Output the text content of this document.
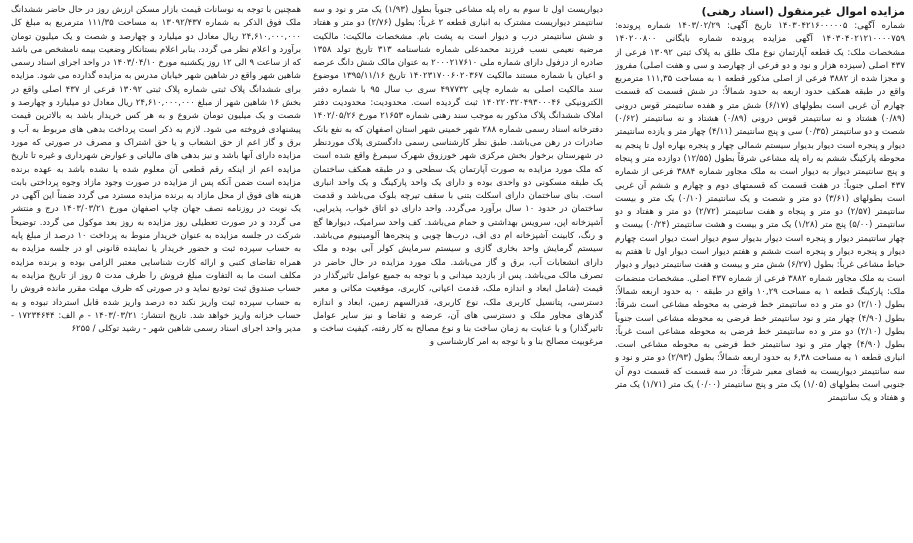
مزایده اموال غیرمنقول (اسناد رهنی)

شماره آگهی: ۱۴۰۳۰۴۲۱۶۰۰۰۰۰۵ تاریخ آگهی: ۱۴۰۳/۰۲/۲۹ شماره پرونده: ۱۴۰۳۰۴۰۲۱۲۱۰۰۰۰۷۵۹ آگهی مزایده پرونده شماره بایگانی ۱۴۰۲۰۰۸۰۰ مشخصات ملک: یک قطعه آپارتمان نوع ملک طلق به پلاک ثبتی ۱۳۰۹۲ فرعی از ۴۳۷ اصلی (سیزده هزار و نود و دو فرعی از چهارصد و سی و هفت اصلی) مفروز و مجزا شده از ۳۸۸۲ فرعی از اصلی مذکور قطعه ۱ به مساحت ۱۱۱,۳۵ مترمربع واقع در طبقه همکف حدود اربعه به حدود شمالاً: در شش قسمت که قسمت چهارم آن غربی است بطولهای (۶/۱۷) شش متر و هفده سانتیمتر قوس درونی (۰/۸۹) هشتاد و نه سانتیمتر قوس درونی (۰/۸۹) هشتاد و نه سانتیمتر (۰/۶۲) شصت و دو سانتیمتر (۰/۳۵) سی و پنج سانتیمتر (۴/۱۱) چهار متر و یازده سانتیمتر دیوار و پنجره است دیوار بدیوار سیستم شمالی چهار و پنجره بهاره اول تا پنجم به محوطه پارکینگ ششم به راه پله مشاعی شرقاً بطول (۱۲/۵۵) دوازده متر و پنجاه و پنج سانتیمتر دیوار به دیوار است به ملک مجاور شماره ۳۸۸۴ فرعی از شماره ۴۳۷ اصلی جنوباً: در هفت قسمت که قسمتهای دوم و چهارم و ششم آن غربی است بطولهای (۳/۶۱) دو متر و شصت و یک سانتیمتر (۰/۱۰) یک متر و بیست سانتیمتر (۲/۵۷) دو متر و پنجاه و هفت سانتیمتر (۲/۷۲) دو متر و هفتاد و دو سانتیمتر (۵/۰۰) پنج متر (۱/۲۸) یک متر و بیست و هشت سانتیمتر (۰/۲۴) بیست و چهار سانتیمتر دیوار و پنجره است دیوار بدیوار سوم دیوار است دیوار است چهارم دیوار و پنجره دیوار و پنجره است ششم و هفتم دیوار است دیوار اول تا هفتم به حیاط مشاعی غرباً: بطول (۶/۲۷) شش متر و بیست و هفت سانتیمتر دیوار و دیوار است به ملک مجاور شماره ۳۸۸۲ فرعی از شماره ۴۳۷ اصلی. مشخصات منضمات ملک: پارکینگ قطعه ۱ به مساحت ۱۰,۲۹ واقع در طبقه ۰ به حدود اربعه شمالاً: بطول (۲/۱۰) دو متر و ده سانتیمتر خط فرضی به محوطه مشاعی است شرقاً: بطول (۴/۹۰) چهار متر و نود سانتیمتر خط فرضی به محوطه مشاعی است جنوباً بطول (۲/۱۰) دو متر و ده سانتیمتر خط فرضی به محوطه مشاعی است غرباً: بطول (۴/۹۰) چهار متر و نود سانتیمتر خط فرضی به محوطه مشاعی است. انباری قطعه ۱ به مساحت ۶,۳۸ به حدود اربعه شمالاً: بطول (۲/۹۳) دو متر و نود و سه سانتیمتر دیواریست به فضای معبر شرقاً: در سه قسمت که قسمت دوم آن جنوبی است بطولهای (۱/۰۵) یک متر و پنج سانتیمتر (۰/۰۰) یک متر (۱/۷۱) یک متر و هفتاد و یک سانتیمتر

دیواریست اول تا سوم به راه پله مشاعی جنوباً بطول (۱/۹۳) یک متر و نود و سه سانتیمتر دیواریست مشترک به انباری قطعه ۲ غرباً: بطول (۲/۷۶) دو متر و هفتاد و شش سانتیمتر درب و دیوار است به پشت بام. مشخصات مالکیت: مالکیت مرضیه نعیمی نسب فرزند محمدعلی شماره شناسنامه ۳۱۳ تاریخ تولد ۱۳۵۸ صادره از دزفول دارای شماره ملی ۲۰۰۰۲۱۷۶۱۰ به عنوان مالک شش دانگ عرصه و اعیان با شماره مستند مالکیت ۱۴۰۲۳۱۷۰۰۶۰۲۰۳۶۷ تاریخ ۱۳۹۵/۱۱/۱۶ موضوع سند مالکیت اصلی به شماره چاپی ۴۹۷۷۳۲ سری ب سال ۹۵ با شماره دفتر الکترونیکی ۱۴۰۲۲۰۳۲۰۴۹۳۰۰۰۴۶ ثبت گردیده است. محدودیت: محدودیت دفتر املاک ششدانگ پلاک مذکور به موجب سند رهنی شماره ۲۱۶۵۳ مورخ ۱۴۰۲/۰۵/۲۶ دفترخانه اسناد رسمی شماره ۲۸۸ شهر خمینی شهر استان اصفهان که به نفع بانک صادرات در رهن می‌باشد. طبق نظر کارشناسی رسمی دادگستری پلاک موردنظر در شهرستان برخوار بخش مرکزی شهر خورزوق شهرک سیمرغ واقع شده است که ملک مورد مزایده به صورت آپارتمان یک سطحی و در طبقه همکف ساختمان یک طبقه مسکونی دو واحدی بوده و دارای یک واحد پارکینگ و یک واحد انباری است. بنای ساختمان دارای اسکلت بتنی با سقف تیرچه بلوک می‌باشد و قدمت ساختمان در حدود ۱۰ سال برآورد می‌گردد. واحد دارای دو اتاق خواب، پذیرایی، آشپزخانه اپن، سرویس بهداشتی و حمام می‌باشد. کف واحد سرامیک، دیوارها گچ و رنگ، کابینت آشپزخانه ام دی اف، درب‌ها چوبی و پنجره‌ها آلومینیوم می‌باشد. سیستم گرمایش واحد بخاری گازی و سیستم سرمایش کولر آبی بوده و ملک دارای انشعابات آب، برق و گاز می‌باشد. ملک مورد مزایده در حال حاضر در تصرف مالک می‌باشد. پس از بازدید میدانی و با توجه به جمیع عوامل تاثیرگذار در قیمت (شامل ابعاد و اندازه ملک، قدمت اعیانی، کاربری، موقعیت مکانی و معبر دسترسی، پتانسیل کاربری ملک، نوع کاربری، قدرالسهم زمین، ابعاد و اندازه گذرهای مجاور ملک و دسترسی های آن، عرضه و تقاضا و نیز سایر عوامل تاثیرگذار) و با عنایت به زمان ساخت بنا و نوع مصالح به کار رفته، کیفیت ساخت و مرغوبیت مصالح بنا و با توجه به امر کارشناسی و

همچنین با توجه به نوسانات قیمت بازار مسکن ارزش روز در حال حاضر ششدانگ ملک فوق الذکر به شماره ۱۳۰۹۲/۴۳۷ به مساحت ۱۱۱/۳۵ مترمربع به مبلغ کل ۲۴,۶۱۰,۰۰۰,۰۰۰ ریال معادل دو میلیارد و چهارصد و شصت و یک میلیون تومان برآورد و اعلام نظر می گردد. بنابر اعلام بستانکار وضعیت بیمه نامشخص می باشد که از ساعت ۹ الی ۱۲ روز یکشنبه مورخ ۱۴۰۳/۰۴/۱۰ در واحد اجرای اسناد رسمی شاهین شهر واقع در شاهین شهر خیابان مدرس به مزایده گذارده می شود. مزایده برای ششدانگ پلاک ثبتی شماره پلاک ثبتی ۱۳۰۹۲ فرعی از ۴۳۷ اصلی واقع در بخش ۱۶ شاهین شهر از مبلغ ۲۴,۶۱۰,۰۰۰,۰۰۰ ریال معادل دو میلیارد و چهارصد و شصت و یک میلیون تومان شروع و به هر کس خریدار باشد به بالاترین قیمت پیشنهادی فروخته می شود. لازم به ذکر است پرداخت بدهی های مربوط به آب و برق و گاز اعم از حق انشعاب و یا حق اشتراک و مصرف در صورتی که مورد مزایده دارای آنها باشد و نیز بدهی های مالیاتی و عوارض شهرداری و غیره تا تاریخ مزایده اعم از اینکه رقم قطعی آن معلوم شده یا نشده باشد به عهده برنده مزایده است ضمن آنکه پس از مزایده در صورت وجود مازاد وجوه پرداختی بابت هزینه های فوق از محل مازاد به برنده مزایده مسترد می گردد ضمناً این آگهی در یک نوبت در روزنامه نصف جهان چاپ اصفهان مورخ ۱۴۰۳/۰۳/۲۱ درج و منتشر می گردد و در صورت تعطیلی روز مزایده به روز بعد موکول می گردد. توضیحاً شرکت در جلسه مزایده به عنوان خریدار منوط به پرداخت ۱۰ درصد از مبلغ پایه به حساب سپرده ثبت و حضور خریدار یا نماینده قانونی او در جلسه مزایده به همراه تقاضای کتبی و ارائه کارت شناسایی معتبر الزامی بوده و برنده مزایده مکلف است ما به التفاوت مبلغ فروش را ظرف مدت ۵ روز از تاریخ مزایده به حساب صندوق ثبت تودیع نماید و در صورتی که ظرف مهلت مقرر مانده فروش را به حساب سپرده ثبت واریز نکند ده درصد واریز شده قابل استرداد نبوده و به حساب خزانه واریز خواهد شد. تاریخ انتشار: ۱۴۰۳/۰۳/۲۱ - م الف: ۱۷۲۳۴۶۴۴ - مدیر واحد اجرای اسناد رسمی شاهین شهر - رشید توکلی / ۶۲۵۵
